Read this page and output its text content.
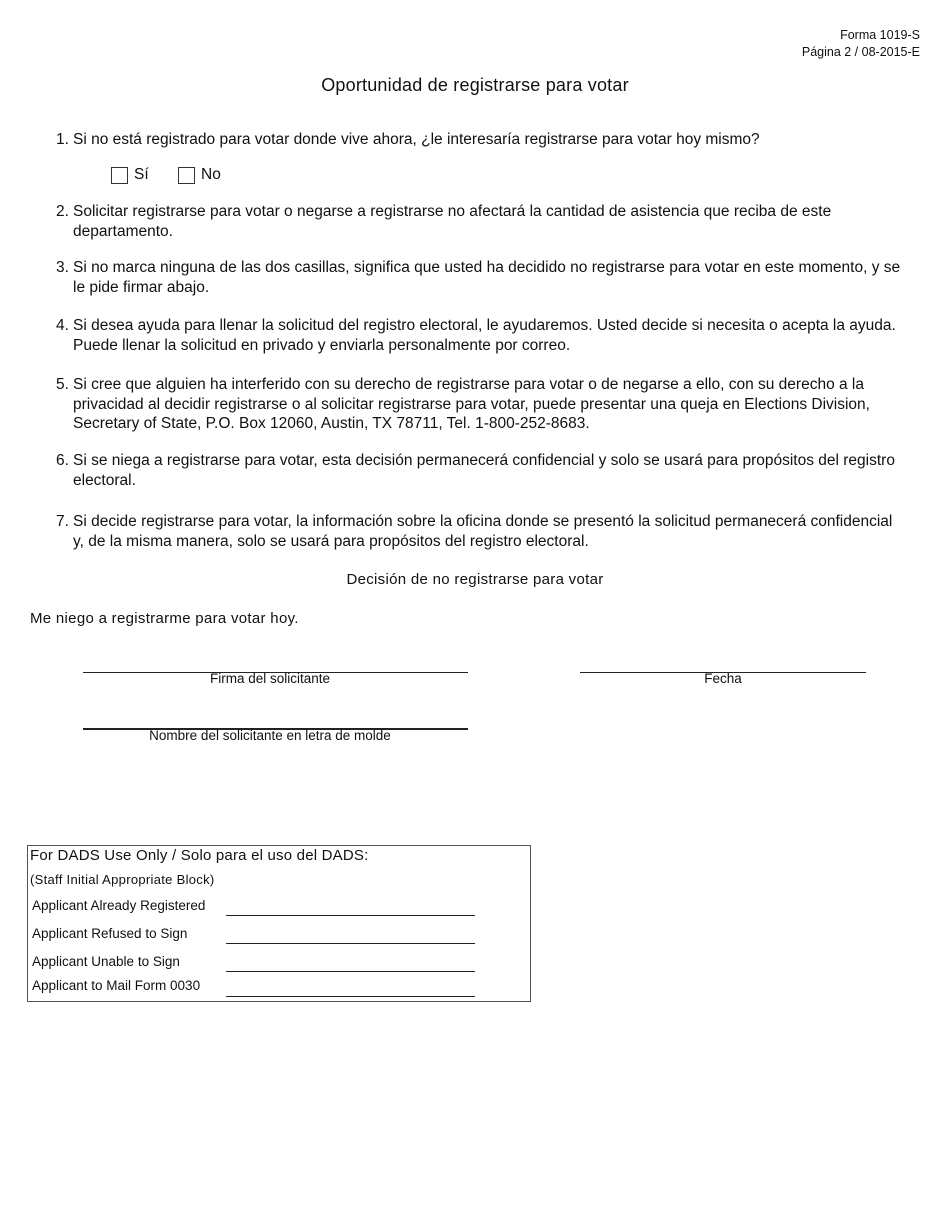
Forma 1019-S
Página 2 / 08-2015-E
Oportunidad de registrarse para votar
1. Si no está registrado para votar donde vive ahora, ¿le interesaría registrarse para votar hoy mismo?
Sí	No
2. Solicitar registrarse para votar o negarse a registrarse no afectará la cantidad de asistencia que reciba de este departamento.
3. Si no marca ninguna de las dos casillas, significa que usted ha decidido no registrarse para votar en este momento, y se le pide firmar abajo.
4. Si desea ayuda para llenar la solicitud del registro electoral, le ayudaremos. Usted decide si necesita o acepta la ayuda. Puede llenar la solicitud en privado y enviarla personalmente por correo.
5. Si cree que alguien ha interferido con su derecho de registrarse para votar o de negarse a ello, con su derecho a la privacidad al decidir registrarse o al solicitar registrarse para votar, puede presentar una queja en Elections Division, Secretary of State, P.O. Box 12060, Austin, TX 78711, Tel. 1-800-252-8683.
6. Si se niega a registrarse para votar, esta decisión permanecerá confidencial y solo se usará para propósitos del registro electoral.
7. Si decide registrarse para votar, la información sobre la oficina donde se presentó la solicitud permanecerá confidencial y, de la misma manera, solo se usará para propósitos del registro electoral.
Decisión de no registrarse para votar
Me niego a registrarme para votar hoy.
Firma del solicitante	Fecha
Nombre del solicitante en letra de molde
For DADS Use Only / Solo para el uso del DADS:
(Staff Initial Appropriate Block)
Applicant Already Registered
Applicant Refused to Sign
Applicant Unable to Sign
Applicant to Mail Form 0030
